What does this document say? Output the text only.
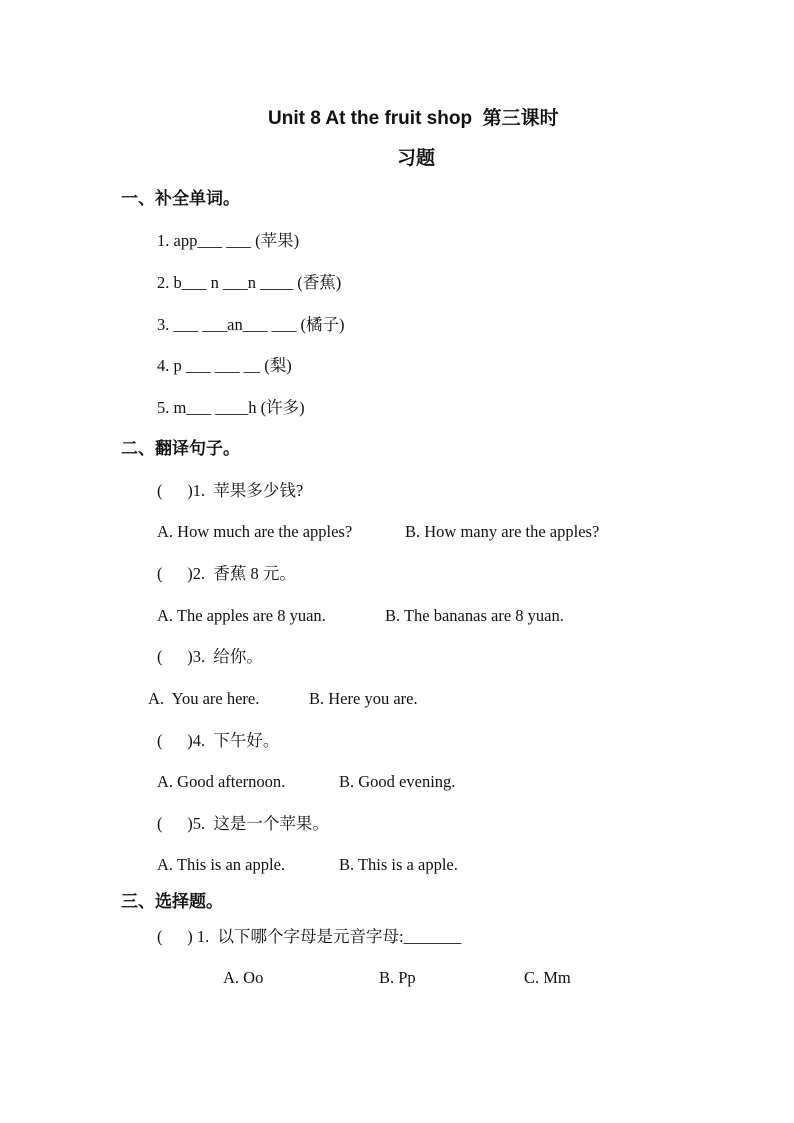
Unit 8 At the fruit shop  第三课时
习题
一、补全单词。
1. app___ ___ (苹果)
2. b___ n ___n ____ (香蕉)
3. ___ ___an___ ___ (橘子)
4. p ___ ___ __ (梨)
5. m___ ____h (许多)
二、翻译句子。
(      )1.  苹果多少钱?
A. How much are the apples?	B. How many are the apples?
(      )2.  香蕉 8 元。
A. The apples are 8 yuan.	B. The bananas are 8 yuan.
(      )3.  给你。
A.  You are here.	B. Here you are.
(      )4.  下午好。
A. Good afternoon.	B. Good evening.
(      )5.  这是一个苹果。
A. This is an apple.	B. This is a apple.
三、选择题。
(      ) 1.  以下哪个字母是元音字母:_______
A. Oo	B. Pp	C. Mm
